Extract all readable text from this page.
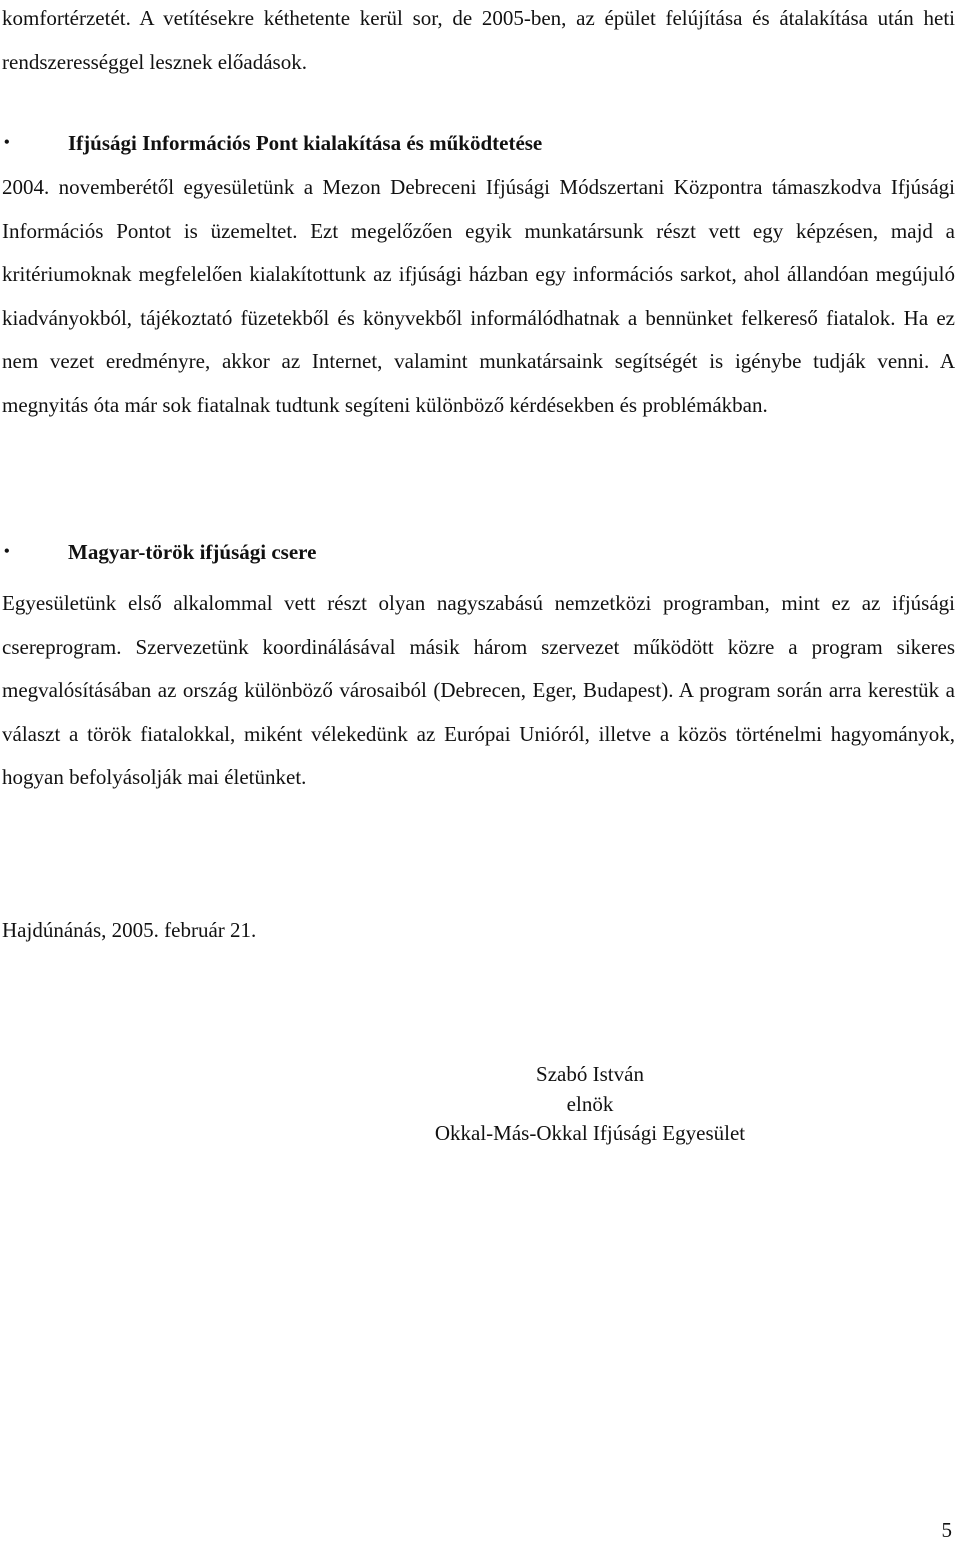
komfortérzetét. A vetítésekre kéthetente kerül sor, de 2005-ben, az épület felújítása és átalakítása után heti rendszerességgel lesznek előadások.

•	Ifjúsági Információs Pont kialakítása és működtetése

2004. novemberétől egyesületünk a Mezon Debreceni Ifjúsági Módszertani Központra támaszkodva Ifjúsági Információs Pontot is üzemeltet. Ezt megelőzően egyik munkatársunk részt vett egy képzésen, majd a kritériumoknak megfelelően kialakítottunk az ifjúsági házban egy információs sarkot, ahol állandóan megújuló kiadványokból, tájékoztató füzetekből és könyvekből informálódhatnak a bennünket felkereső fiatalok. Ha ez nem vezet eredményre, akkor az Internet, valamint munkatársaink segítségét is igénybe tudják venni. A megnyitás óta már sok fiatalnak tudtunk segíteni különböző kérdésekben és problémákban.

•	Magyar-török ifjúsági csere

Egyesületünk első alkalommal vett részt olyan nagyszabású nemzetközi programban, mint ez az ifjúsági csereprogram. Szervezetünk koordinálásával másik három szervezet működött közre a program sikeres megvalósításában az ország különböző városaiból (Debrecen, Eger, Budapest). A program során arra kerestük a választ a török fiatalokkal, miként vélekedünk az Európai Unióról, illetve a közös történelmi hagyományok, hogyan befolyásolják mai életünket.

Hajdúnánás, 2005. február 21.
Szabó István
elnök
Okkal-Más-Okkal Ifjúsági Egyesület
5
